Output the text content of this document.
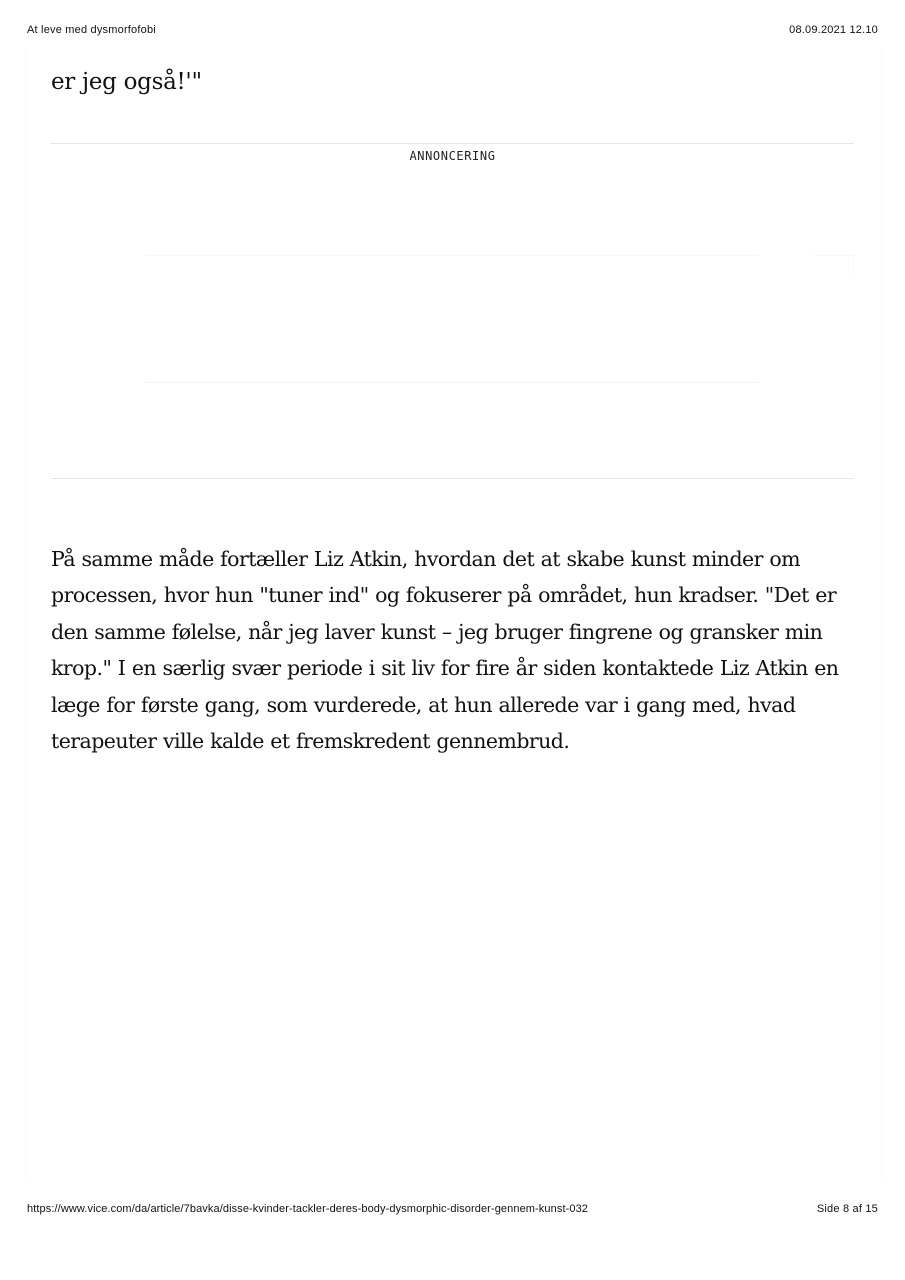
At leve med dysmorfofobi	08.09.2021 12.10
er jeg også!'"
ANNONCERING

På samme måde fortæller Liz Atkin, hvordan det at skabe kunst minder om processen, hvor hun "tuner ind" og fokuserer på området, hun kradser. "Det er den samme følelse, når jeg laver kunst – jeg bruger fingrene og gransker min krop." I en særlig svær periode i sit liv for fire år siden kontaktede Liz Atkin en læge for første gang, som vurderede, at hun allerede var i gang med, hvad terapeuter ville kalde et fremskredent gennembrud.

https://www.vice.com/da/article/7bavka/disse-kvinder-tackler-deres-body-dysmorphic-disorder-gennem-kunst-032	Side 8 af 15
